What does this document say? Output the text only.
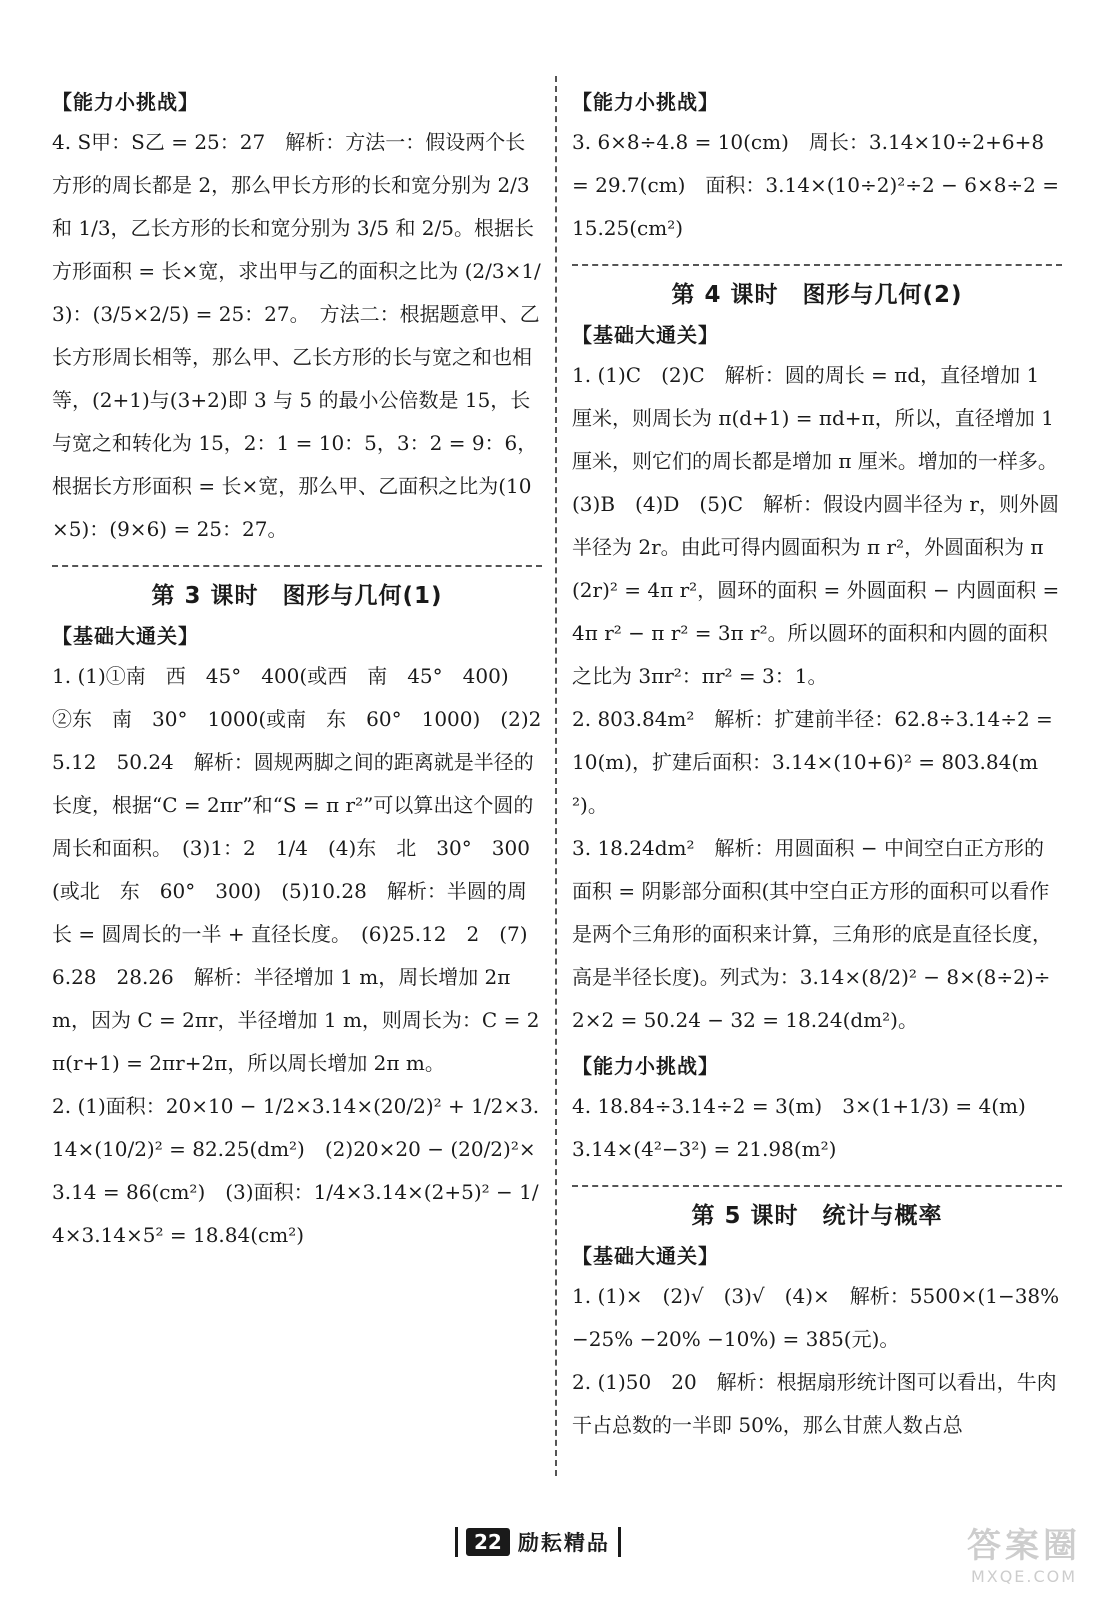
【能力小挑战】

4. S甲：S乙 = 25：27　解析：方法一：假设两个长方形的周长都是 2，那么甲长方形的长和宽分别为 2/3 和 1/3，乙长方形的长和宽分别为 3/5 和 2/5。根据长方形面积 = 长×宽，求出甲与乙的面积之比为 (2/3×1/3)：(3/5×2/5) = 25：27。　方法二：根据题意甲、乙长方形周长相等，那么甲、乙长方形的长与宽之和也相等，(2+1)与(3+2)即 3 与 5 的最小公倍数是 15，长与宽之和转化为 15，2：1 = 10：5，3：2 = 9：6，根据长方形面积 = 长×宽，那么甲、乙面积之比为(10×5)：(9×6) = 25：27。

第 3 课时　图形与几何(1)
【基础大通关】

1. (1)①南　西　45°　400(或西　南　45°　400)　②东　南　30°　1000(或南　东　60°　1000)　(2)25.12　50.24　解析：圆规两脚之间的距离就是半径的长度，根据“C = 2πr”和“S = π r²”可以算出这个圆的周长和面积。　(3)1：2　1/4　(4)东　北　30°　300(或北　东　60°　300)　(5)10.28　解析：半圆的周长 = 圆周长的一半 + 直径长度。　(6)25.12　2　(7)6.28　28.26　解析：半径增加 1 m，周长增加 2π m，因为 C = 2πr，半径增加 1 m，则周长为：C = 2π(r+1) = 2πr+2π，所以周长增加 2π m。

2. (1)面积：20×10 − 1/2×3.14×(20/2)² + 1/2×3.14×(10/2)² = 82.25(dm²)　(2)20×20 − (20/2)²×3.14 = 86(cm²)　(3)面积：1/4×3.14×(2+5)² − 1/4×3.14×5² = 18.84(cm²)

【能力小挑战】

3. 6×8÷4.8 = 10(cm)　周长：3.14×10÷2+6+8 = 29.7(cm)　面积：3.14×(10÷2)²÷2 − 6×8÷2 = 15.25(cm²)

第 4 课时　图形与几何(2)
【基础大通关】

1. (1)C　(2)C　解析：圆的周长 = πd，直径增加 1 厘米，则周长为 π(d+1) = πd+π，所以，直径增加 1 厘米，则它们的周长都是增加 π 厘米。增加的一样多。　(3)B　(4)D　(5)C　解析：假设内圆半径为 r，则外圆半径为 2r。由此可得内圆面积为 π r²，外圆面积为 π(2r)² = 4π r²，圆环的面积 = 外圆面积 − 内圆面积 = 4π r² − π r² = 3π r²。所以圆环的面积和内圆的面积之比为 3πr²：πr² = 3：1。

2. 803.84m²　解析：扩建前半径：62.8÷3.14÷2 = 10(m)，扩建后面积：3.14×(10+6)² = 803.84(m²)。

3. 18.24dm²　解析：用圆面积 − 中间空白正方形的面积 = 阴影部分面积(其中空白正方形的面积可以看作是两个三角形的面积来计算，三角形的底是直径长度，高是半径长度)。列式为：3.14×(8/2)² − 8×(8÷2)÷2×2 = 50.24 − 32 = 18.24(dm²)。

【能力小挑战】

4. 18.84÷3.14÷2 = 3(m)　3×(1+1/3) = 4(m)　3.14×(4²−3²) = 21.98(m²)

第 5 课时　统计与概率
【基础大通关】

1. (1)×　(2)√　(3)√　(4)×　解析：5500×(1−38% −25% −20% −10%) = 385(元)。

2. (1)50　20　解析：根据扇形统计图可以看出，牛肉干占总数的一半即 50%，那么甘蔗人数占总

22 励耘精品	答案圈
MXQE.COM
